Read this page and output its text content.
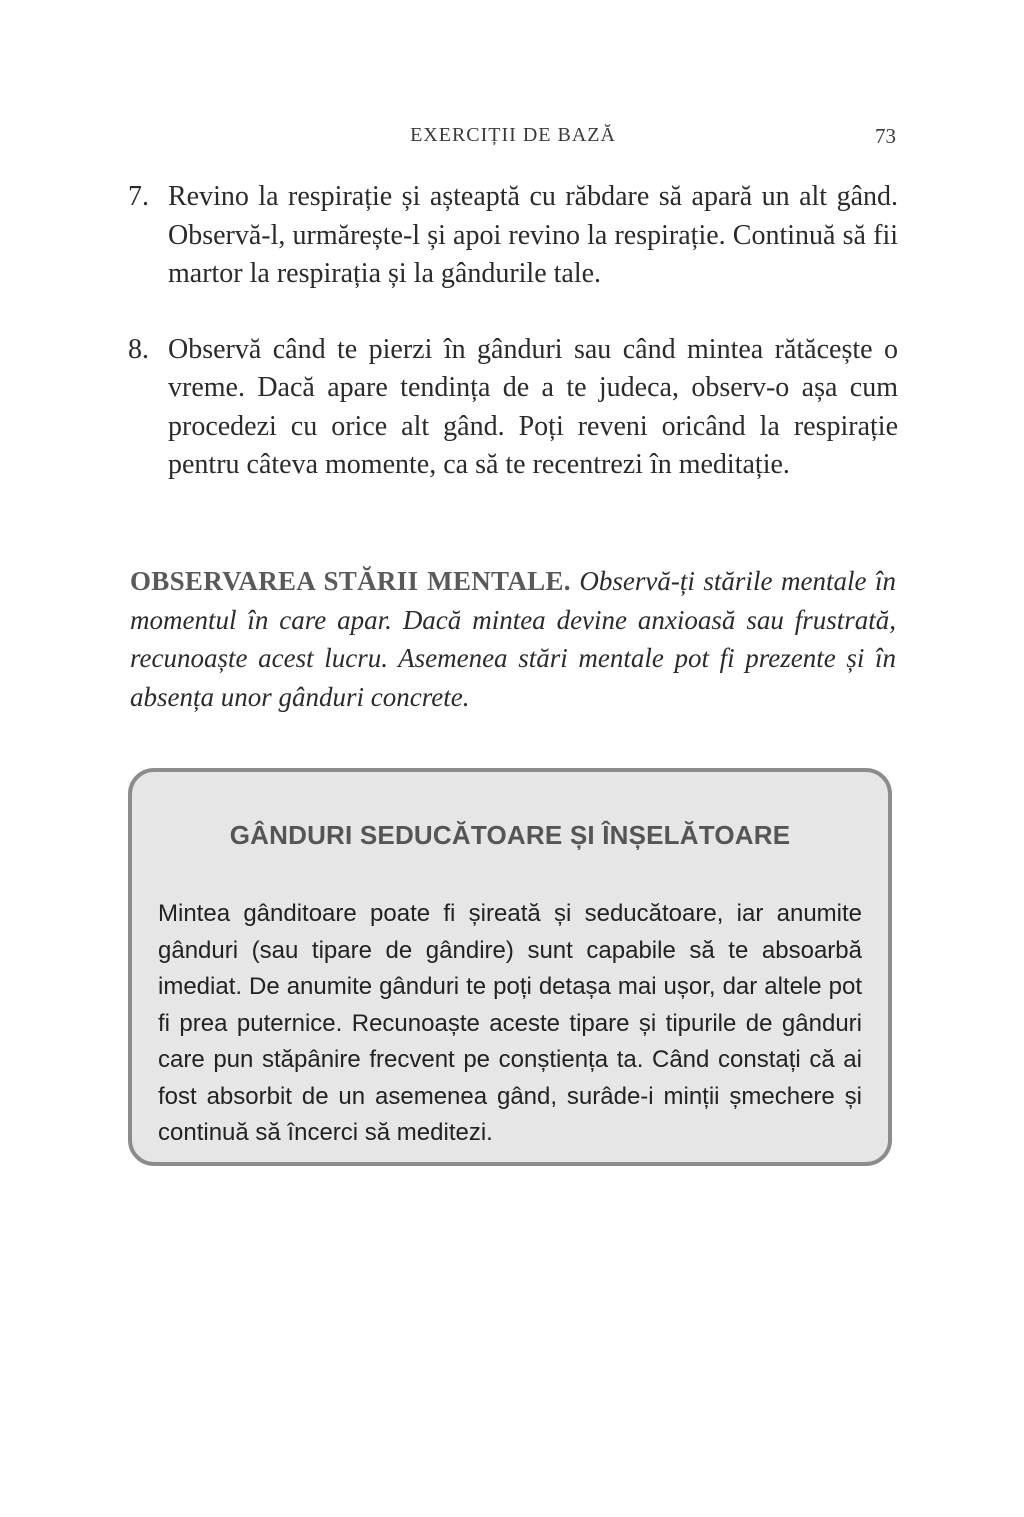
EXERCIȚII DE BAZĂ	73
7. Revino la respirație și așteaptă cu răbdare să apară un alt gând. Observă-l, urmărește-l și apoi revino la respirație. Continuă să fii martor la respirația și la gândurile tale.
8. Observă când te pierzi în gânduri sau când mintea rătăcește o vreme. Dacă apare tendința de a te judeca, observ-o așa cum procedezi cu orice alt gând. Poți reveni oricând la respirație pentru câteva momente, ca să te recentrezi în meditație.

OBSERVAREA STĂRII MENTALE. Observă-ți stările mentale în momentul în care apar. Dacă mintea devine anxioasă sau frustrată, recunoaște acest lucru. Asemenea stări mentale pot fi prezente și în absența unor gânduri concrete.

GÂNDURI SEDUCĂTOARE ȘI ÎNȘELĂTOARE
Mintea gânditoare poate fi șireată și seducătoare, iar anumite gânduri (sau tipare de gândire) sunt capabile să te absoarbă imediat. De anumite gânduri te poți detașa mai ușor, dar altele pot fi prea puternice. Recunoaște aceste tipare și tipurile de gânduri care pun stăpânire frecvent pe conștiența ta. Când constați că ai fost absorbit de un asemenea gând, surâde-i minții șmechere și continuă să încerci să meditezi.
